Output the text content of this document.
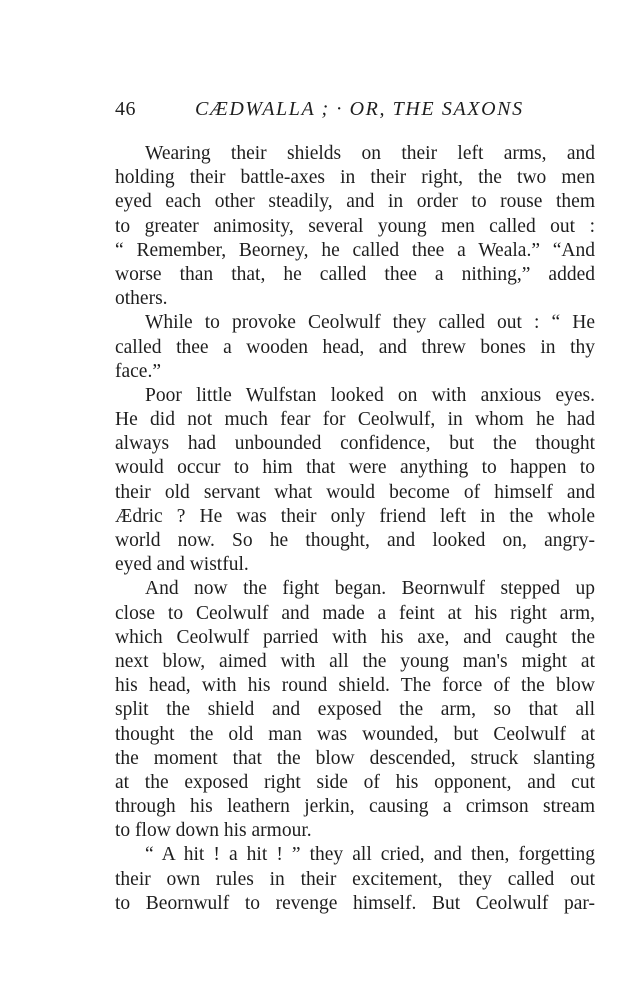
46	CÆDWALLA ; · OR, THE SAXONS
Wearing their shields on their left arms, and
holding their battle-axes in their right, the two men
eyed each other steadily, and in order to rouse them
to greater animosity, several young men called out :
“ Remember, Beorney, he called thee a Weala.” “And
worse than that, he called thee a nithing,” added
others.
While to provoke Ceolwulf they called out : “ He
called thee a wooden head, and threw bones in thy
face.”
Poor little Wulfstan looked on with anxious eyes.
He did not much fear for Ceolwulf, in whom he had
always had unbounded confidence, but the thought
would occur to him that were anything to happen to
their old servant what would become of himself and
Ædric ? He was their only friend left in the whole
world now. So he thought, and looked on, angry-
eyed and wistful.
And now the fight began. Beornwulf stepped up
close to Ceolwulf and made a feint at his right arm,
which Ceolwulf parried with his axe, and caught the
next blow, aimed with all the young man's might at
his head, with his round shield. The force of the blow
split the shield and exposed the arm, so that all
thought the old man was wounded, but Ceolwulf at
the moment that the blow descended, struck slanting
at the exposed right side of his opponent, and cut
through his leathern jerkin, causing a crimson stream
to flow down his armour.
“ A hit ! a hit ! ” they all cried, and then, forgetting
their own rules in their excitement, they called out
to Beornwulf to revenge himself. But Ceolwulf par-
